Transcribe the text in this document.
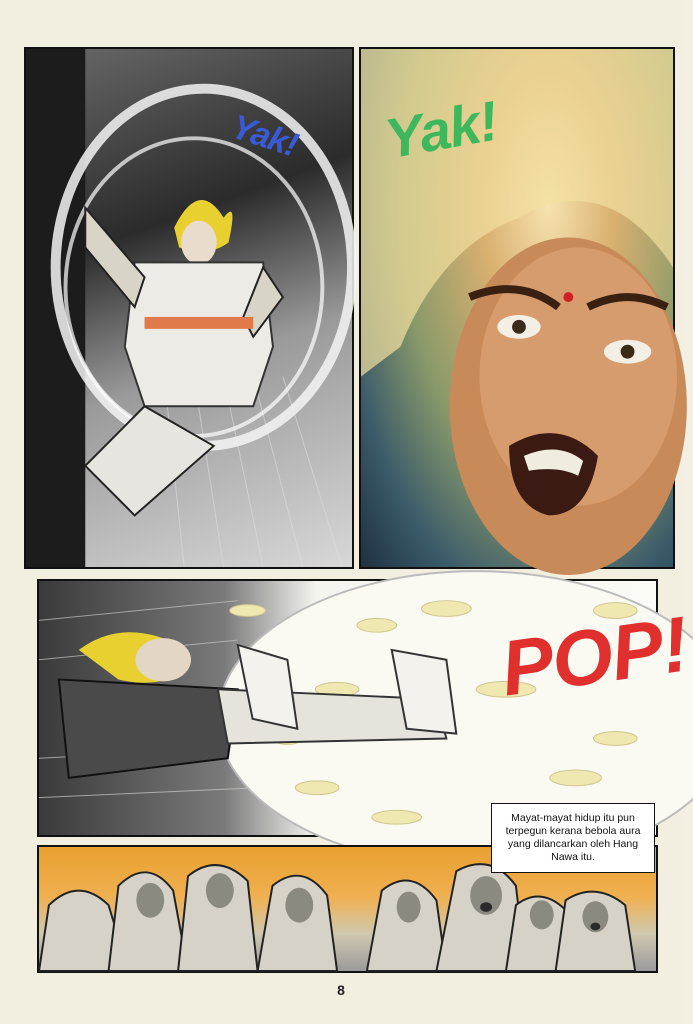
Yak! Yak!
POP!
Mayat-mayat hidup itu pun terpegun kerana bebola aura yang dilancarkan oleh Hang Nawa itu.
8
